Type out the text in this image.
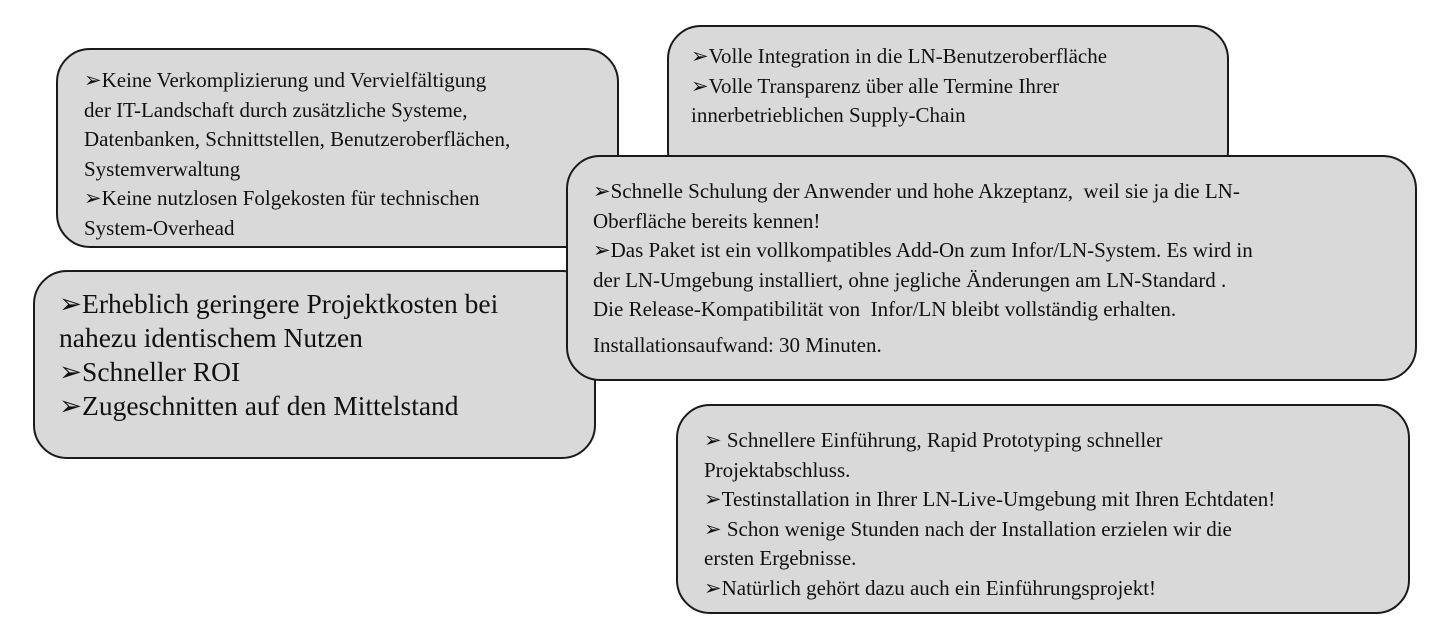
➢Keine Verkomplizierung und Vervielfältigung
der IT-Landschaft durch zusätzliche Systeme,
Datenbanken, Schnittstellen, Benutzeroberflächen,
Systemverwaltung
➢Keine nutzlosen Folgekosten für technischen
System-Overhead
➢Volle Integration in die LN-Benutzeroberfläche
➢Volle Transparenz über alle Termine Ihrer
innerbetrieblichen Supply-Chain
➢Erheblich geringere Projektkosten bei
nahezu identischem Nutzen
➢Schneller ROI
➢Zugeschnitten auf den Mittelstand
➢Schnelle Schulung der Anwender und hohe Akzeptanz,  weil sie ja die LN-
Oberfläche bereits kennen!
➢Das Paket ist ein vollkompatibles Add-On zum Infor/LN-System. Es wird in
der LN-Umgebung installiert, ohne jegliche Änderungen am LN-Standard .
Die Release-Kompatibilität von  Infor/LN bleibt vollständig erhalten.
Installationsaufwand: 30 Minuten.
➢ Schnellere Einführung, Rapid Prototyping schneller
Projektabschluss.
➢Testinstallation in Ihrer LN-Live-Umgebung mit Ihren Echtdaten!
➢ Schon wenige Stunden nach der Installation erzielen wir die
ersten Ergebnisse.
➢Natürlich gehört dazu auch ein Einführungsprojekt!
